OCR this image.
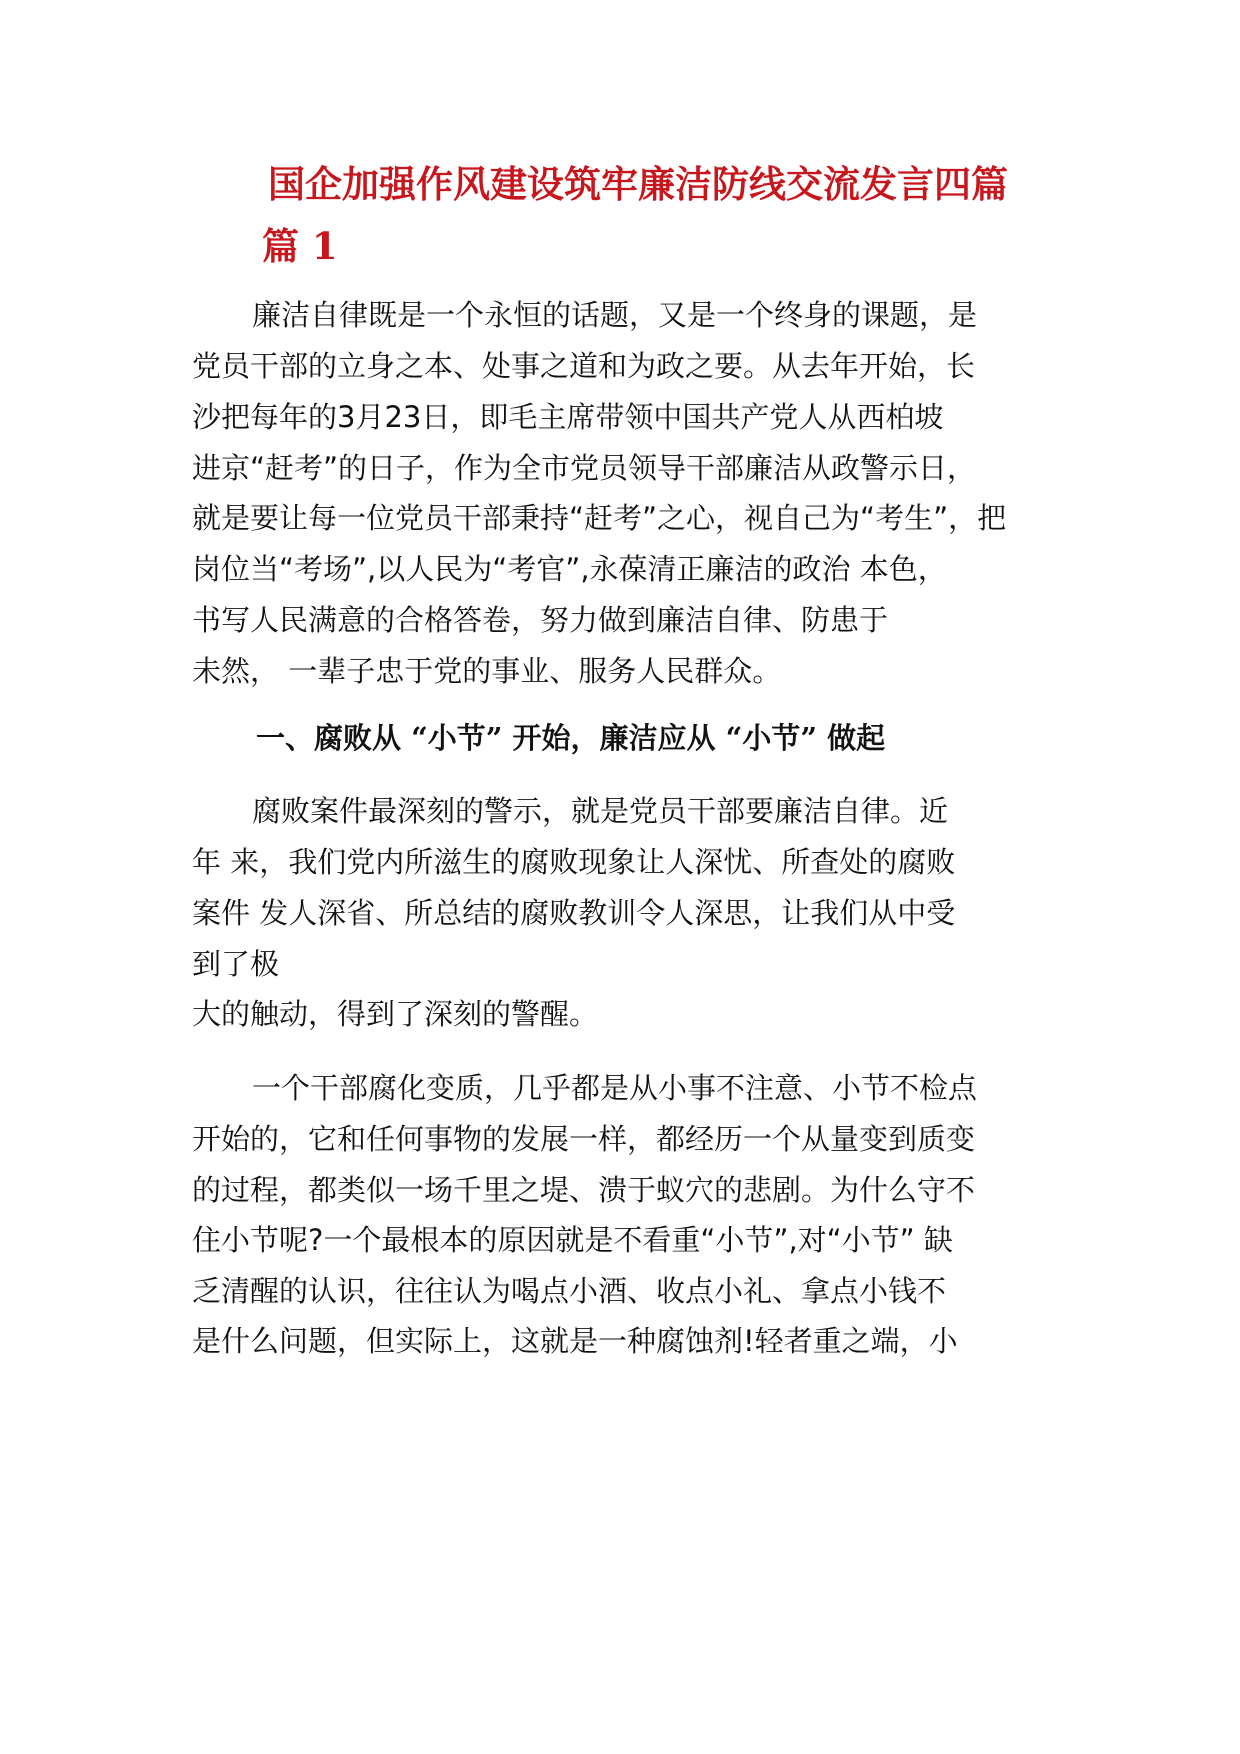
国企加强作风建设筑牢廉洁防线交流发言四篇
篇 1

廉洁自律既是一个永恒的话题，又是一个终身的课题，是

党员干部的立身之本、处事之道和为政之要。从去年开始，长

沙把每年的3月23日，即毛主席带领中国共产党人从西柏坡

进京“赶考”的日子，作为全市党员领导干部廉洁从政警示日，

就是要让每一位党员干部秉持“赶考”之心，视自己为“考生”，把

岗位当“考场”,以人民为“考官”,永葆清正廉洁的政治 本色，

书写人民满意的合格答卷，努力做到廉洁自律、防患于

未然， 一辈子忠于党的事业、服务人民群众。

一、腐败从 “小节” 开始，廉洁应从 “小节” 做起

腐败案件最深刻的警示，就是党员干部要廉洁自律。近

年 来，我们党内所滋生的腐败现象让人深忧、所查处的腐败

案件 发人深省、所总结的腐败教训令人深思，让我们从中受

到了极

大的触动，得到了深刻的警醒。

一个干部腐化变质，几乎都是从小事不注意、小节不检点

开始的，它和任何事物的发展一样，都经历一个从量变到质变

的过程，都类似一场千里之堤、溃于蚁穴的悲剧。为什么守不

住小节呢?一个最根本的原因就是不看重“小节”,对“小节” 缺

乏清醒的认识，往往认为喝点小酒、收点小礼、拿点小钱不

是什么问题，但实际上，这就是一种腐蚀剂!轻者重之端，小
